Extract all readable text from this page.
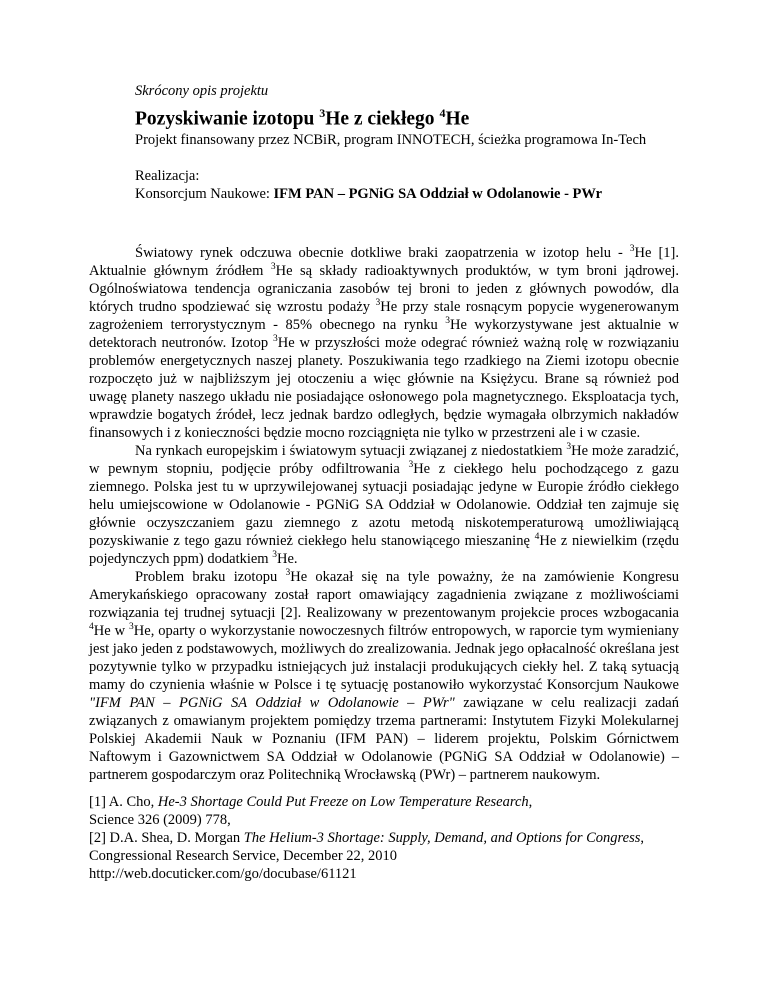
Skrócony opis projektu
Pozyskiwanie izotopu $^3$He z ciekłego $^4$He
Projekt finansowany przez NCBiR, program INNOTECH, ścieżka programowa In-Tech
Realizacja:
Konsorcjum Naukowe: IFM PAN – PGNiG SA Oddział w Odolanowie - PWr

Światowy rynek odczuwa obecnie dotkliwe braki zaopatrzenia w izotop helu - $^3$He [1]. Aktualnie głównym źródłem $^3$He są składy radioaktywnych produktów, w tym broni jądrowej. Ogólnoświatowa tendencja ograniczania zasobów tej broni to jeden z głównych powodów, dla których trudno spodziewać się wzrostu podaży $^3$He przy stale rosnącym popycie wygenerowanym zagrożeniem terrorystycznym - 85% obecnego na rynku $^3$He wykorzystywane jest aktualnie w detektorach neutronów. Izotop $^3$He w przyszłości może odegrać również ważną rolę w rozwiązaniu problemów energetycznych naszej planety. Poszukiwania tego rzadkiego na Ziemi izotopu obecnie rozpoczęto już w najbliższym jej otoczeniu a więc głównie na Księżycu. Brane są również pod uwagę planety naszego układu nie posiadające osłonowego pola magnetycznego. Eksploatacja tych, wprawdzie bogatych źródeł, lecz jednak bardzo odległych, będzie wymagała olbrzymich nakładów finansowych i z konieczności będzie mocno rozciągnięta nie tylko w przestrzeni ale i w czasie.

Na rynkach europejskim i światowym sytuacji związanej z niedostatkiem $^3$He może zaradzić, w pewnym stopniu, podjęcie próby odfiltrowania $^3$He z ciekłego helu pochodzącego z gazu ziemnego. Polska jest tu w uprzywilejowanej sytuacji posiadając jedyne w Europie źródło ciekłego helu umiejscowione w Odolanowie - PGNiG SA Oddział w Odolanowie. Oddział ten zajmuje się głównie oczyszczaniem gazu ziemnego z azotu metodą niskotemperaturową umożliwiającą pozyskiwanie z tego gazu również ciekłego helu stanowiącego mieszaninę $^4$He z niewielkim (rzędu pojedynczych ppm) dodatkiem $^3$He.

Problem braku izotopu $^3$He okazał się na tyle poważny, że na zamówienie Kongresu Amerykańskiego opracowany został raport omawiający zagadnienia związane z możliwościami rozwiązania tej trudnej sytuacji [2]. Realizowany w prezentowanym projekcie proces wzbogacania $^4$He w $^3$He, oparty o wykorzystanie nowoczesnych filtrów entropowych, w raporcie tym wymieniany jest jako jeden z podstawowych, możliwych do zrealizowania. Jednak jego opłacalność określana jest pozytywnie tylko w przypadku istniejących już instalacji produkujących ciekły hel. Z taką sytuacją mamy do czynienia właśnie w Polsce i tę sytuację postanowiło wykorzystać Konsorcjum Naukowe "IFM PAN – PGNiG SA Oddział w Odolanowie – PWr" zawiązane w celu realizacji zadań związanych z omawianym projektem pomiędzy trzema partnerami: Instytutem Fizyki Molekularnej Polskiej Akademii Nauk w Poznaniu (IFM PAN) – liderem projektu, Polskim Górnictwem Naftowym i Gazownictwem SA Oddział w Odolanowie (PGNiG SA Oddział w Odolanowie) – partnerem gospodarczym oraz Politechniką Wrocławską (PWr) – partnerem naukowym.

[1] A. Cho, He-3 Shortage Could Put Freeze on Low Temperature Research,
Science 326 (2009) 778,
[2] D.A. Shea, D. Morgan The Helium-3 Shortage: Supply, Demand, and Options for Congress, Congressional Research Service, December 22, 2010
http://web.docuticker.com/go/docubase/61121
